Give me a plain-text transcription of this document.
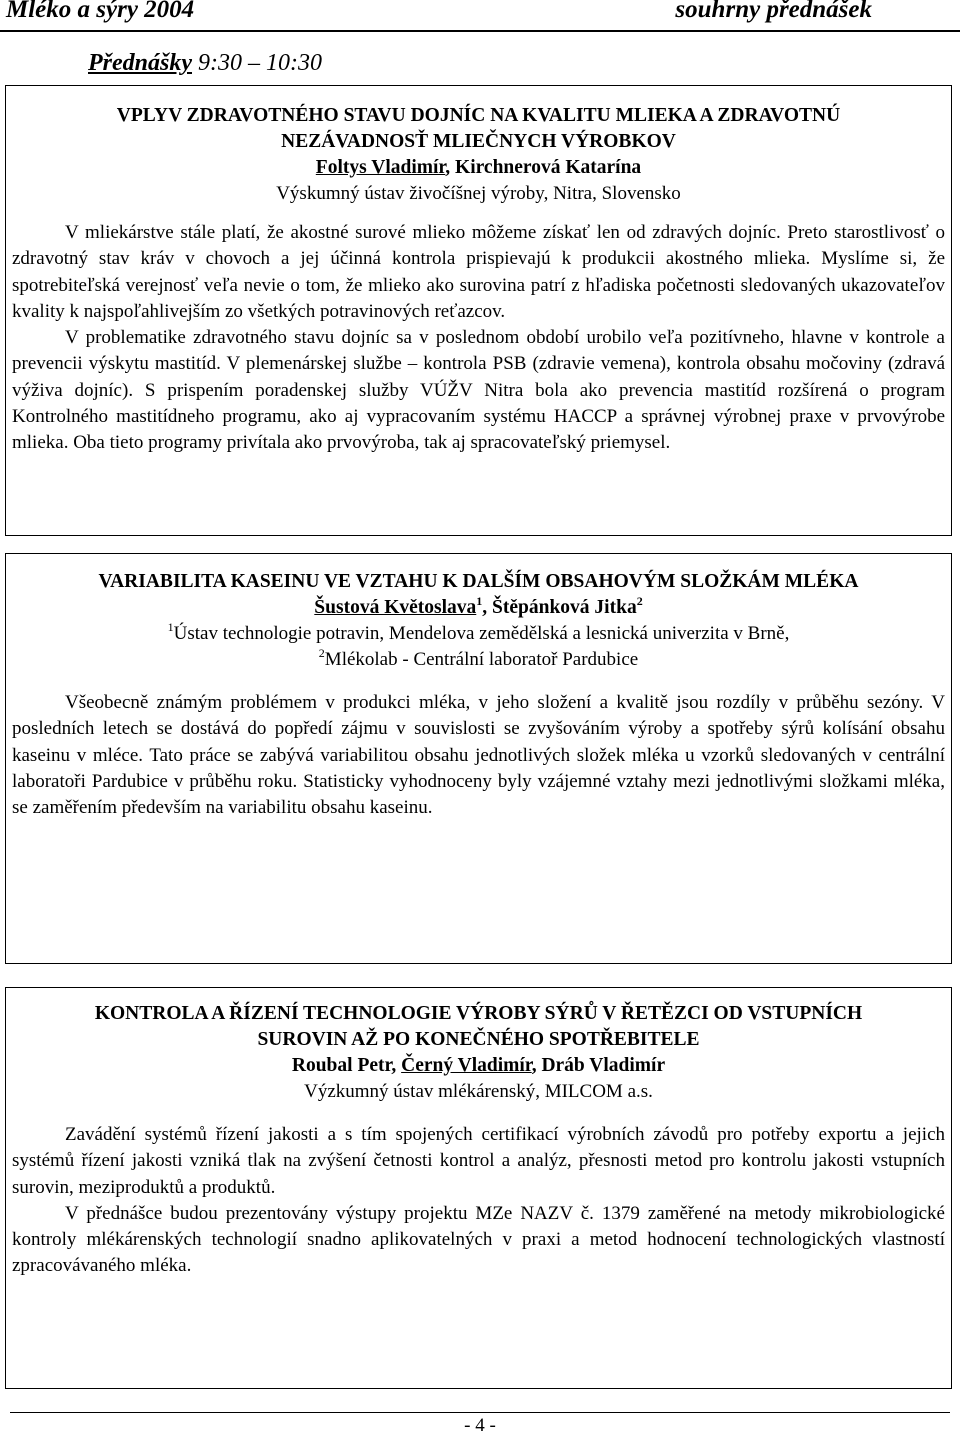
Mléko a sýry 2004	souhrny přednášek
Přednášky 9:30 – 10:30
VPLYV ZDRAVOTNÉHO STAVU DOJNÍC NA KVALITU MLIEKA A ZDRAVOTNÚ
NEZÁVADNOSŤ MLIEČNYCH VÝROBKOV
Foltys Vladimír, Kirchnerová Katarína
Výskumný ústav živočíšnej výroby, Nitra, Slovensko

V mliekárstve stále platí, že akostné surové mlieko môžeme získať len od zdravých dojníc. Preto starostlivosť o zdravotný stav kráv v chovoch a jej účinná kontrola prispievajú k produkcii akostného mlieka. Myslíme si, že spotrebiteľská verejnosť veľa nevie o tom, že mlieko ako surovina patrí z hľadiska početnosti sledovaných ukazovateľov kvality k najspoľahlivejším zo všetkých potravinových reťazcov.

V problematike zdravotného stavu dojníc sa v poslednom období urobilo veľa pozitívneho, hlavne v kontrole a prevencii výskytu mastitíd. V plemenárskej službe – kontrola PSB (zdravie vemena), kontrola obsahu močoviny (zdravá výživa dojníc). S prispením poradenskej služby VÚŽV Nitra bola ako prevencia mastitíd rozšírená o program Kontrolného mastitídneho programu, ako aj vypracovaním systému HACCP a správnej výrobnej praxe v prvovýrobe mlieka. Oba tieto programy privítala ako prvovýroba, tak aj spracovateľský priemysel.

VARIABILITA KASEINU VE VZTAHU K DALŠÍM OBSAHOVÝM SLOŽKÁM MLÉKA
Šustová Květoslava$^1$, Štěpánková Jitka$^2$
$^1$Ústav technologie potravin, Mendelova zemědělská a lesnická univerzita v Brně,
$^2$Mlékolab - Centrální laboratoř Pardubice

Všeobecně známým problémem v produkci mléka, v jeho složení a kvalitě jsou rozdíly v průběhu sezóny. V posledních letech se dostává do popředí zájmu v souvislosti se zvyšováním výroby a spotřeby sýrů kolísání obsahu kaseinu v mléce. Tato práce se zabývá variabilitou obsahu jednotlivých složek mléka u vzorků sledovaných v centrální laboratoři Pardubice v průběhu roku. Statisticky vyhodnoceny byly vzájemné vztahy mezi jednotlivými složkami mléka, se zaměřením především na variabilitu obsahu kaseinu.

KONTROLA A ŘÍZENÍ TECHNOLOGIE VÝROBY SÝRŮ V ŘETĚZCI OD VSTUPNÍCH
SUROVIN AŽ PO KONEČNÉHO SPOTŘEBITELE
Roubal Petr, Černý Vladimír, Dráb Vladimír
Výzkumný ústav mlékárenský, MILCOM a.s.

Zavádění systémů řízení jakosti a s tím spojených certifikací výrobních závodů pro potřeby exportu a jejich systémů řízení jakosti vzniká tlak na zvýšení četnosti kontrol a analýz, přesnosti metod pro kontrolu jakosti vstupních surovin, meziproduktů a produktů.

V přednášce budou prezentovány výstupy projektu MZe NAZV č. 1379 zaměřené na metody mikrobiologické kontroly mlékárenských technologií snadno aplikovatelných v praxi a metod hodnocení technologických vlastností zpracovávaného mléka.

- 4 -
